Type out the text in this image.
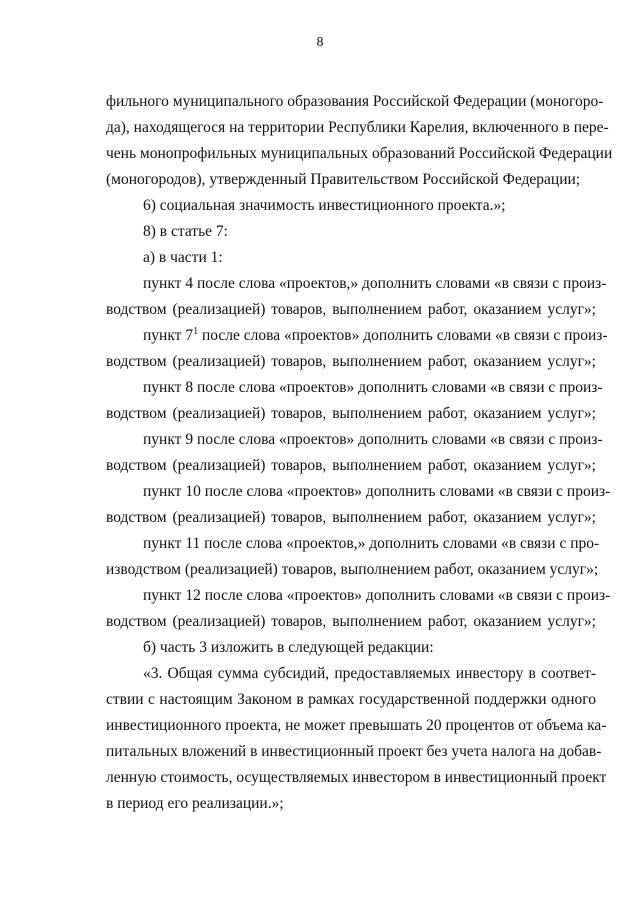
8
фильного муниципального образования Российской Федерации (моногоро-
да), находящегося на территории Республики Карелия, включенного в пере-
чень монопрофильных муниципальных образований Российской Федерации
(моногородов), утвержденный Правительством Российской Федерации;
6) социальная значимость инвестиционного проекта.»;
8) в статье 7:
а) в части 1:
пункт 4 после слова «проектов,» дополнить словами «в связи с произ-
водством (реализацией) товаров, выполнением работ, оказанием услуг»;
пункт $7^1$ после слова «проектов» дополнить словами «в связи с произ-
водством (реализацией) товаров, выполнением работ, оказанием услуг»;
пункт 8 после слова «проектов» дополнить словами «в связи с произ-
водством (реализацией) товаров, выполнением работ, оказанием услуг»;
пункт 9 после слова «проектов» дополнить словами «в связи с произ-
водством (реализацией) товаров, выполнением работ, оказанием услуг»;
пункт 10 после слова «проектов» дополнить словами «в связи с произ-
водством (реализацией) товаров, выполнением работ, оказанием услуг»;
пункт 11 после слова «проектов,» дополнить словами «в связи с про-
изводством (реализацией) товаров, выполнением работ, оказанием услуг»;
пункт 12 после слова «проектов» дополнить словами «в связи с произ-
водством (реализацией) товаров, выполнением работ, оказанием услуг»;
б) часть 3 изложить в следующей редакции:
«3. Общая сумма субсидий, предоставляемых инвестору в соответ-
ствии с настоящим Законом в рамках государственной поддержки одного
инвестиционного проекта, не может превышать 20 процентов от объема ка-
питальных вложений в инвестиционный проект без учета налога на добав-
ленную стоимость, осуществляемых инвестором в инвестиционный проект
в период его реализации.»;
